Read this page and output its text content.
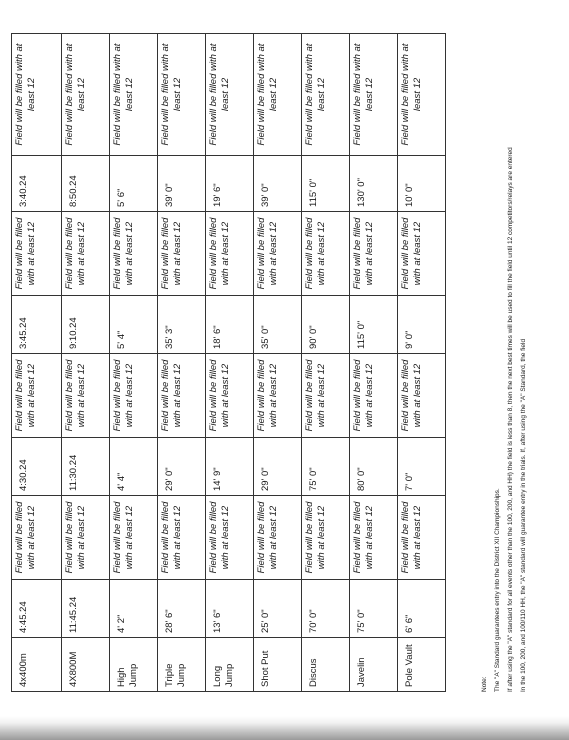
4x400m	4:45.24	Field will be filled with at least 12	4:30.24	Field will be filled with at least 12	3:45.24	Field will be filled with at least 12	3:40.24	Field will be filled with at least 12
4X800M	11:45.24	Field will be filled with at least 12	11:30.24	Field will be filled with at least 12	9:10.24	Field will be filled with at least 12	8:50.24	Field will be filled with at least 12
High Jump	4' 2"	Field will be filled with at least 12	4' 4"	Field will be filled with at least 12	5' 4"	Field will be filled with at least 12	5' 6"	Field will be filled with at least 12
Triple Jump	28' 6"	Field will be filled with at least 12	29' 0"	Field will be filled with at least 12	35' 3"	Field will be filled with at least 12	39' 0"	Field will be filled with at least 12
Long Jump	13' 6"	Field will be filled with at least 12	14' 9"	Field will be filled with at least 12	18' 6"	Field will be filled with at least 12	19' 6"	Field will be filled with at least 12
Shot Put	25' 0"	Field will be filled with at least 12	29' 0"	Field will be filled with at least 12	35' 0"	Field will be filled with at least 12	39' 0"	Field will be filled with at least 12
Discus	70' 0"	Field will be filled with at least 12	75' 0"	Field will be filled with at least 12	90' 0"	Field will be filled with at least 12	115' 0"	Field will be filled with at least 12
Javelin	75' 0"	Field will be filled with at least 12	80' 0"	Field will be filled with at least 12	115' 0"	Field will be filled with at least 12	130' 0"	Field will be filled with at least 12
Pole Vault	6' 6"	Field will be filled with at least 12	7' 0"	Field will be filled with at least 12	9' 0"	Field will be filled with at least 12	10' 0"	Field will be filled with at least 12
Note: The "A" Standard guarantees entry into the District XII Championships. If after using the "A" standard for all events other than the 100, 200, and HH) the field is less than 8, then the next best times will be used to fill the field until 12 competitors/relays are entered In the 100, 200, and 100/110 HH, the "A" standard will guarantee entry in the trials. If, after using the "A" Standard, the field
